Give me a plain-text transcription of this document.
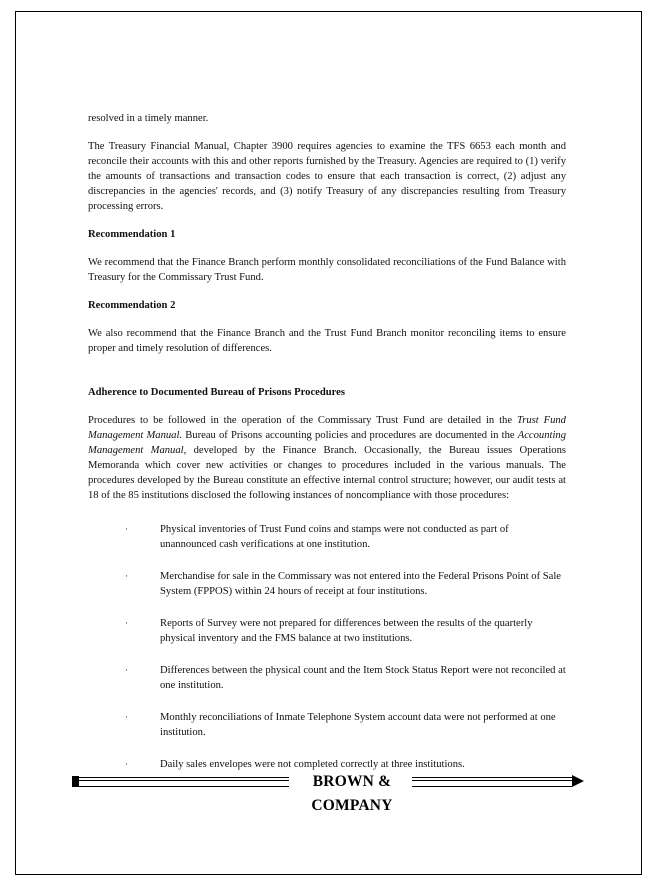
resolved in a timely manner.

The Treasury Financial Manual, Chapter 3900 requires agencies to examine the TFS 6653 each month and reconcile their accounts with this and other reports furnished by the Treasury. Agencies are required to (1) verify the amounts of transactions and transaction codes to ensure that each transaction is correct, (2) adjust any discrepancies in the agencies' records, and (3) notify Treasury of any discrepancies resulting from Treasury processing errors.

Recommendation 1

We recommend that the Finance Branch perform monthly consolidated reconciliations of the Fund Balance with Treasury for the Commissary Trust Fund.

Recommendation 2

We also recommend that the Finance Branch and the Trust Fund Branch monitor reconciling items to ensure proper and timely resolution of differences.

Adherence to Documented Bureau of Prisons Procedures

Procedures to be followed in the operation of the Commissary Trust Fund are detailed in the Trust Fund Management Manual. Bureau of Prisons accounting policies and procedures are documented in the Accounting Management Manual, developed by the Finance Branch. Occasionally, the Bureau issues Operations Memoranda which cover new activities or changes to procedures included in the various manuals. The procedures developed by the Bureau constitute an effective internal control structure; however, our audit tests at 18 of the 85 institutions disclosed the following instances of noncompliance with those procedures:

·	Physical inventories of Trust Fund coins and stamps were not conducted as part of unannounced cash verifications at one institution.
·	Merchandise for sale in the Commissary was not entered into the Federal Prisons Point of Sale System (FPPOS) within 24 hours of receipt at four institutions.
·	Reports of Survey were not prepared for differences between the results of the quarterly physical inventory and the FMS balance at two institutions.
·	Differences between the physical count and the Item Stock Status Report were not reconciled at one institution.
·	Monthly reconciliations of Inmate Telephone System account data were not performed at one institution.
·	Daily sales envelopes were not completed correctly at three institutions.
BROWN & COMPANY
